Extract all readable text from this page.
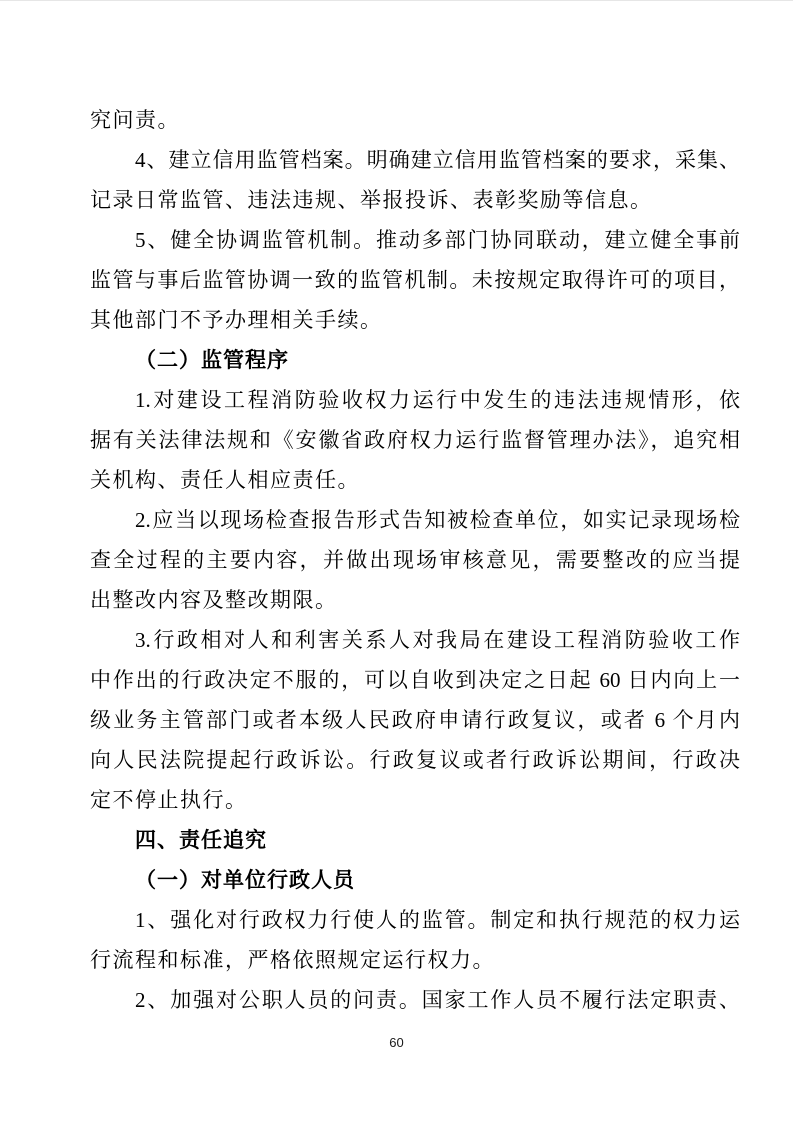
究问责。
4、建立信用监管档案。明确建立信用监管档案的要求，采集、
记录日常监管、违法违规、举报投诉、表彰奖励等信息。
5、健全协调监管机制。推动多部门协同联动，建立健全事前
监管与事后监管协调一致的监管机制。未按规定取得许可的项目，
其他部门不予办理相关手续。
（二）监管程序
1.对建设工程消防验收权力运行中发生的违法违规情形，依
据有关法律法规和《安徽省政府权力运行监督管理办法》，追究相
关机构、责任人相应责任。
2.应当以现场检查报告形式告知被检查单位，如实记录现场检
查全过程的主要内容，并做出现场审核意见，需要整改的应当提
出整改内容及整改期限。
3.行政相对人和利害关系人对我局在建设工程消防验收工作
中作出的行政决定不服的，可以自收到决定之日起 60 日内向上一
级业务主管部门或者本级人民政府申请行政复议，或者 6 个月内
向人民法院提起行政诉讼。行政复议或者行政诉讼期间，行政决
定不停止执行。
四、责任追究
（一）对单位行政人员
1、强化对行政权力行使人的监管。制定和执行规范的权力运
行流程和标准，严格依照规定运行权力。
2、加强对公职人员的问责。国家工作人员不履行法定职责、
60
